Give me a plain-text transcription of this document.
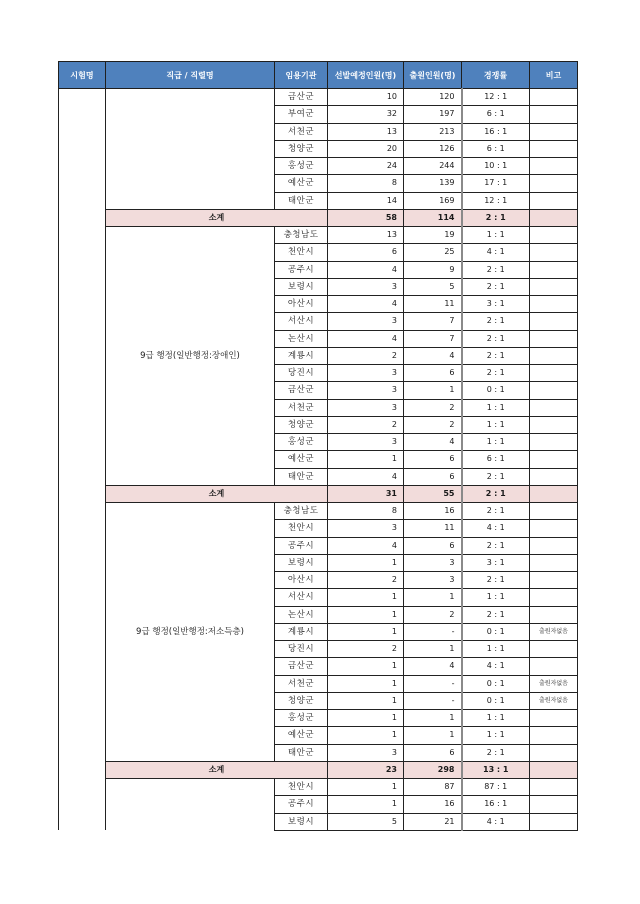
시험명	직급 / 직렬명	임용기관	선발예정인원(명)	출원인원(명)	경쟁률	비고
		금산군	10	120	12 : 1	
		부여군	32	197	6 : 1	
		서천군	13	213	16 : 1	
		청양군	20	126	6 : 1	
		홍성군	24	244	10 : 1	
		예산군	8	139	17 : 1	
		태안군	14	169	12 : 1	
	소계		58	114	2 : 1	
	9급 행정(일반행정:장애인)	충청남도	13	19	1 : 1	
		천안시	6	25	4 : 1	
		공주시	4	9	2 : 1	
		보령시	3	5	2 : 1	
		아산시	4	11	3 : 1	
		서산시	3	7	2 : 1	
		논산시	4	7	2 : 1	
		계룡시	2	4	2 : 1	
		당진시	3	6	2 : 1	
		금산군	3	1	0 : 1	
		서천군	3	2	1 : 1	
		청양군	2	2	1 : 1	
		홍성군	3	4	1 : 1	
		예산군	1	6	6 : 1	
		태안군	4	6	2 : 1	
	소계		31	55	2 : 1	
	9급 행정(일반행정:저소득층)	충청남도	8	16	2 : 1	
		천안시	3	11	4 : 1	
		공주시	4	6	2 : 1	
		보령시	1	3	3 : 1	
		아산시	2	3	2 : 1	
		서산시	1	1	1 : 1	
		논산시	1	2	2 : 1	
		계룡시	1	-	0 : 1	출원자없음
		당진시	2	1	1 : 1	
		금산군	1	4	4 : 1	
		서천군	1	-	0 : 1	출원자없음
		청양군	1	-	0 : 1	출원자없음
		홍성군	1	1	1 : 1	
		예산군	1	1	1 : 1	
		태안군	3	6	2 : 1	
	소계		23	298	13 : 1	
		천안시	1	87	87 : 1	
		공주시	1	16	16 : 1	
		보령시	5	21	4 : 1	
